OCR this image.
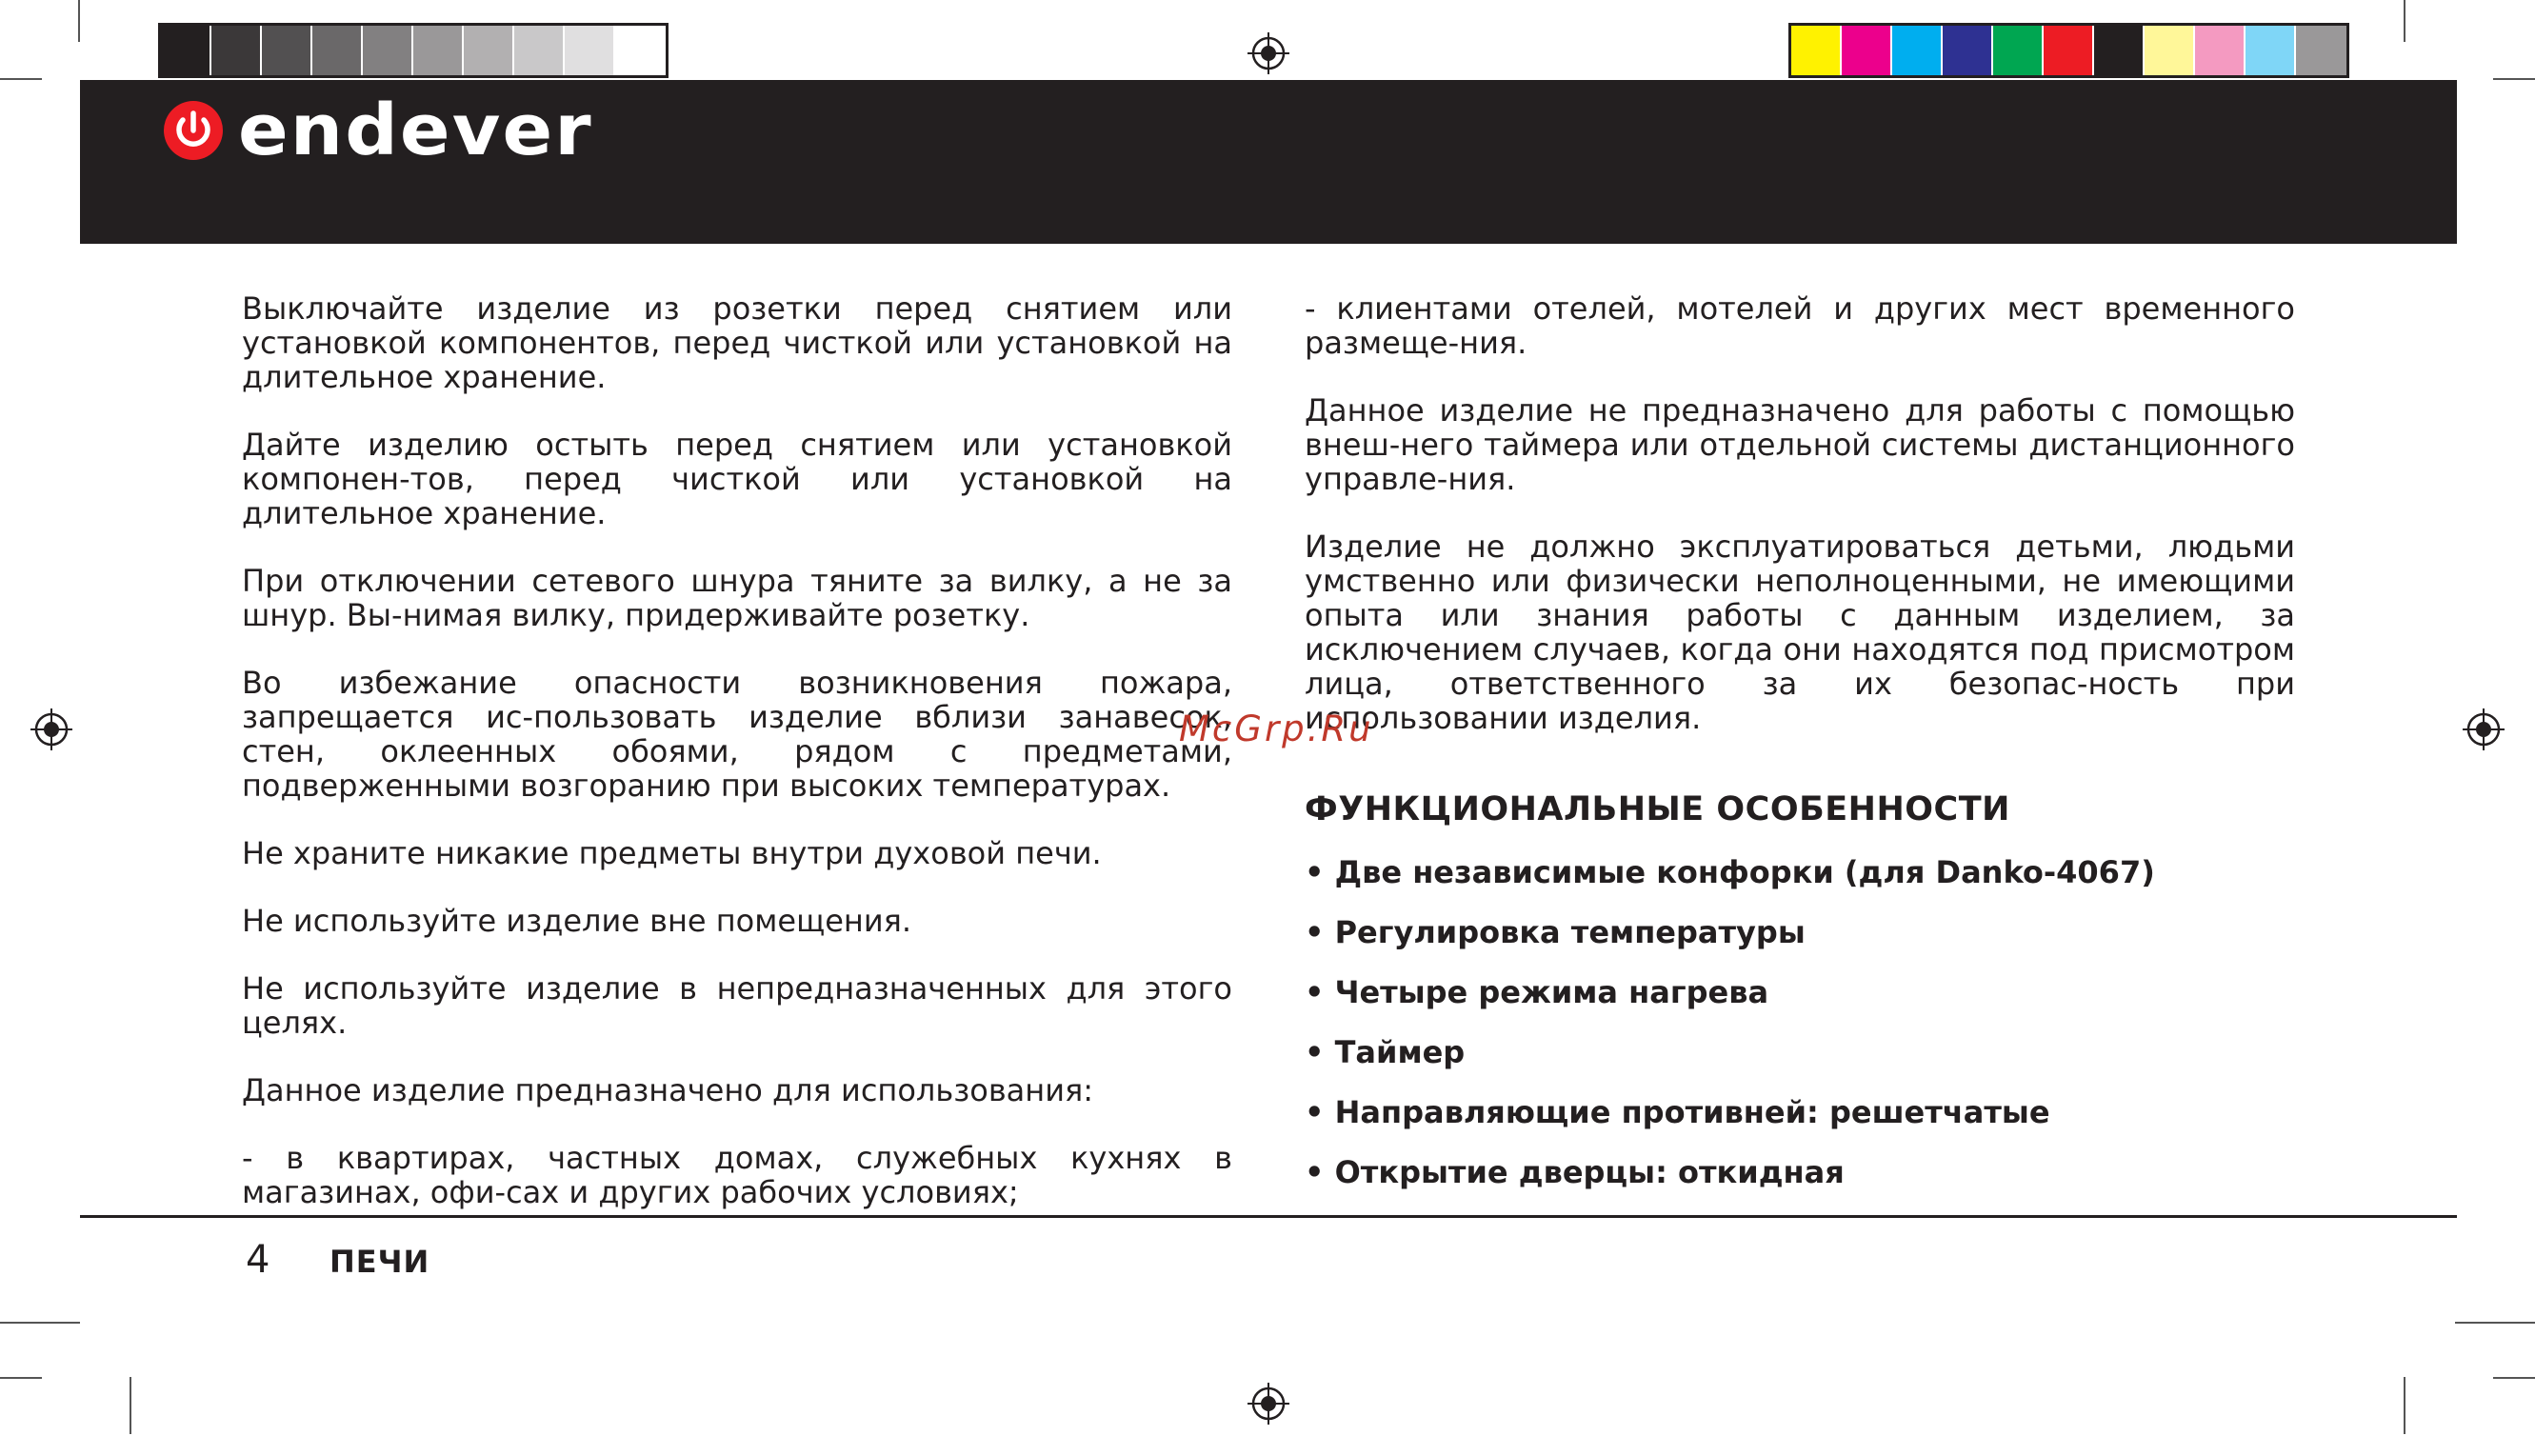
endever

Выключайте изделие из розетки перед снятием или установкой компонентов, перед чисткой или установкой на длительное хранение.

Дайте изделию остыть перед снятием или установкой компонен-тов, перед чисткой или установкой на длительное хранение.

При отключении сетевого шнура тяните за вилку, а не за шнур. Вы-нимая вилку, придерживайте розетку.

Во избежание опасности возникновения пожара, запрещается ис-пользовать изделие вблизи занавесок, стен, оклеенных обоями, рядом с предметами, подверженными возгоранию при высоких температурах.

Не храните никакие предметы внутри духовой печи.

Не используйте изделие вне помещения.

Не используйте изделие в непредназначенных для этого целях.

Данное изделие предназначено для использования:

- в квартирах, частных домах, служебных кухнях в магазинах, офи-сах и других рабочих условиях;

- клиентами отелей, мотелей и других мест временного размеще-ния.

Данное изделие не предназначено для работы с помощью внеш-него таймера или отдельной системы дистанционного управле-ния.

Изделие не должно эксплуатироваться детьми, людьми умственно или физически неполноценными, не имеющими опыта или знания работы с данным изделием, за исключением случаев, когда они находятся под присмотром лица, ответственного за их безопас-ность при использовании изделия.

ФУНКЦИОНАЛЬНЫЕ ОСОБЕННОСТИ

• Две независимые конфорки (для Danko-4067)

• Регулировка температуры

• Четыре режима нагрева

• Таймер

• Направляющие противней: решетчатые

• Открытие дверцы: откидная

McGrp.Ru
4 ПЕЧИ
